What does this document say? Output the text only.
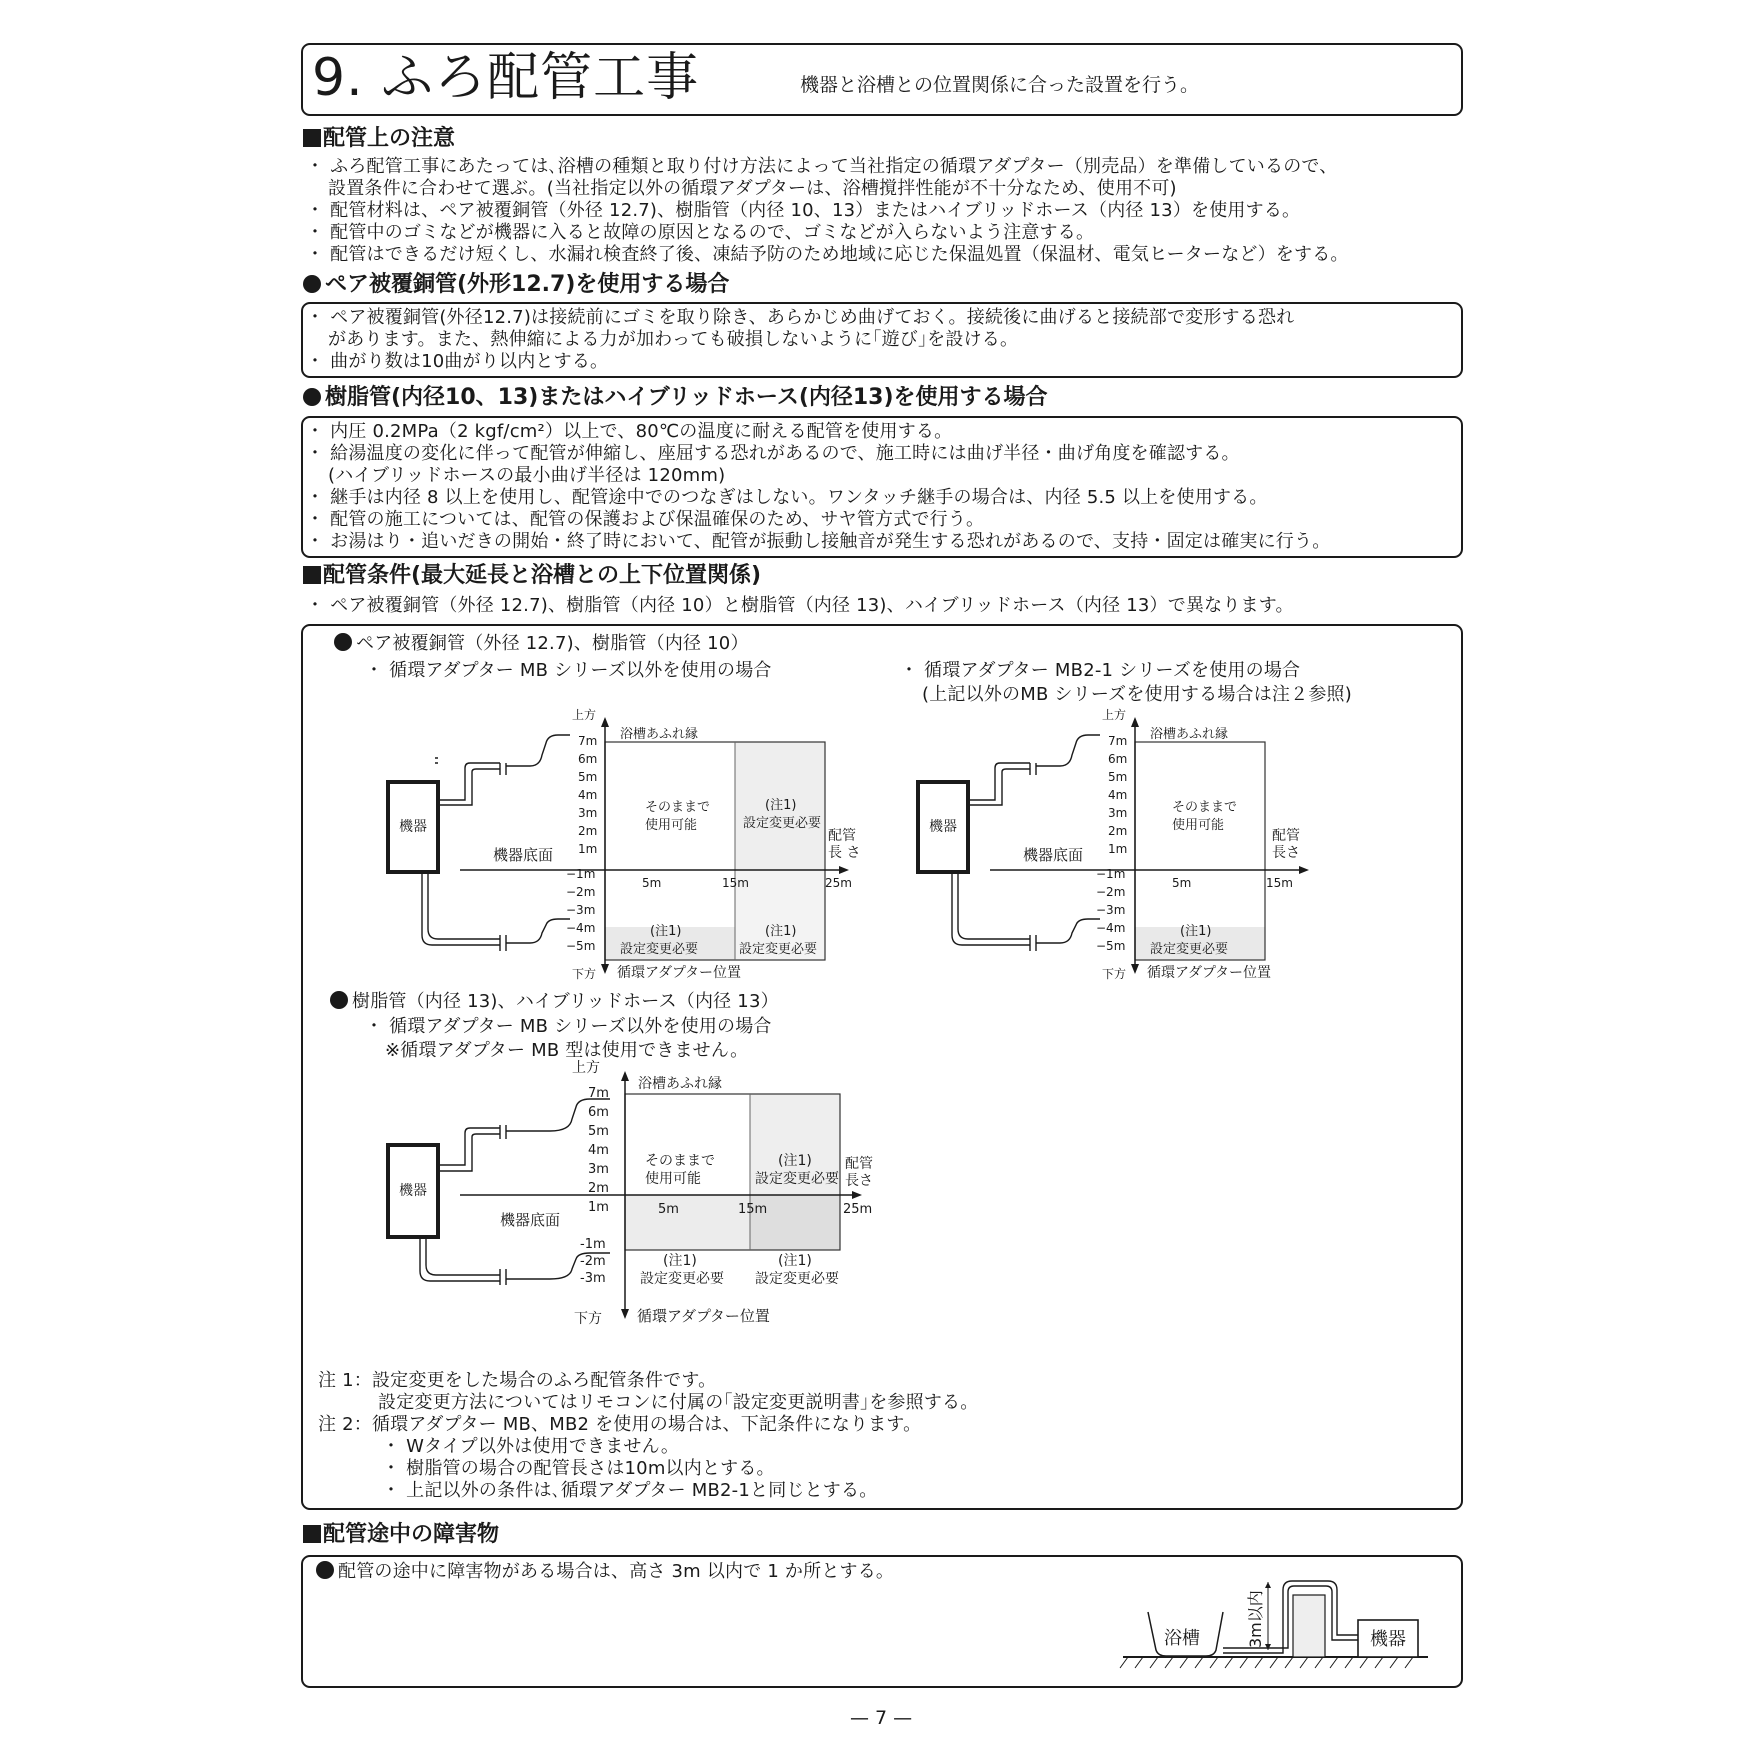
9. ふろ配管工事	機器と浴槽との位置関係に合った設置を行う。
配管上の注意
・ ふろ配管工事にあたっては､浴槽の種類と取り付け方法によって当社指定の循環アダプター（別売品）を準備しているので、
設置条件に合わせて選ぶ。(当社指定以外の循環アダプターは、浴槽撹拌性能が不十分なため、使用不可)
・ 配管材料は、ペア被覆銅管（外径 12.7)、樹脂管（内径 10、13）またはハイブリッドホース（内径 13）を使用する。
・ 配管中のゴミなどが機器に入ると故障の原因となるので、ゴミなどが入らないよう注意する。
・ 配管はできるだけ短くし、水漏れ検査終了後、凍結予防のため地域に応じた保温処置（保温材、電気ヒーターなど）をする。
ペア被覆銅管(外形12.7)を使用する場合
・ ペア被覆銅管(外径12.7)は接続前にゴミを取り除き、あらかじめ曲げておく。接続後に曲げると接続部で変形する恐れ
があります。また、熱伸縮による力が加わっても破損しないように｢遊び｣を設ける。
・ 曲がり数は10曲がり以内とする。
樹脂管(内径10、13)またはハイブリッドホース(内径13)を使用する場合
・ 内圧 0.2MPa（2 kgf/cm²）以上で、80℃の温度に耐える配管を使用する。
・ 給湯温度の変化に伴って配管が伸縮し、座屈する恐れがあるので、施工時には曲げ半径・曲げ角度を確認する。
(ハイブリッドホースの最小曲げ半径は 120mm)
・ 継手は内径 8 以上を使用し、配管途中でのつなぎはしない。ワンタッチ継手の場合は、内径 5.5 以上を使用する。
・ 配管の施工については、配管の保護および保温確保のため、サヤ管方式で行う。
・ お湯はり・追いだきの開始・終了時において、配管が振動し接触音が発生する恐れがあるので、支持・固定は確実に行う。
配管条件(最大延長と浴槽との上下位置関係)
・ ペア被覆銅管（外径 12.7)、樹脂管（内径 10）と樹脂管（内径 13)、ハイブリッドホース（内径 13）で異なります。
ペア被覆銅管（外径 12.7)、樹脂管（内径 10）
・ 循環アダプター MB シリーズ以外を使用の場合	・ 循環アダプター MB2-1 シリーズを使用の場合
(上記以外のMB シリーズを使用する場合は注２参照)
樹脂管（内径 13)、ハイブリッドホース（内径 13）
・ 循環アダプター MB シリーズ以外を使用の場合
※循環アダプター MB 型は使用できません。
上方
下方
浴槽あふれ縁
7m
6m
5m
4m
3m
2m
1m
−1m
−2m
−3m
−4m
−5m
5m	15m	25m
そのままで
使用可能
(注1)
設定変更必要
(注1)
設定変更必要
(注1)
設定変更必要
配管
長 さ
機器底面
循環アダプター位置
機器
上方
下方
浴槽あふれ縁
7m
6m
5m
4m
3m
2m
1m
−1m
−2m
−3m
−4m
−5m
5m	15m
そのままで
使用可能
(注1)
設定変更必要
配管
長さ
機器底面
循環アダプター位置
機器
上方
下方
浴槽あふれ縁
7m
6m
5m
4m
3m
2m
1m
-1m
-2m
-3m
5m	15m	25m
そのままで
使用可能
(注1)
設定変更必要
(注1)
設定変更必要
(注1)
設定変更必要
配管
長さ
機器底面
循環アダプター位置
機器
注 1：設定変更をした場合のふろ配管条件です。
設定変更方法についてはリモコンに付属の｢設定変更説明書｣を参照する。
注 2：循環アダプター MB、MB2 を使用の場合は、下記条件になります。
・ Wタイプ以外は使用できません。
・ 樹脂管の場合の配管長さは10m以内とする。
・ 上記以外の条件は､循環アダプター MB2-1と同じとする。
配管途中の障害物
配管の途中に障害物がある場合は、高さ 3m 以内で 1 か所とする。
浴槽	3m以内	機器
— 7 —
